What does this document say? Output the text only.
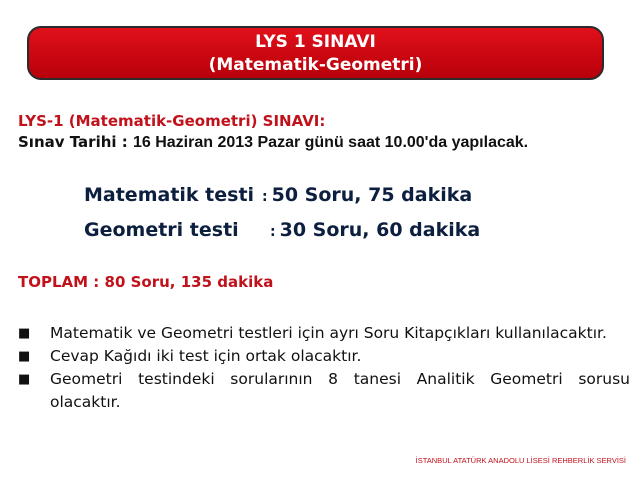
LYS 1 SINAVI
(Matematik-Geometri)
LYS-1 (Matematik-Geometri) SINAVI:
Sınav Tarihi : 16 Haziran 2013 Pazar günü saat 10.00'da yapılacak.
Matematik testi : 50 Soru, 75 dakika
Geometri testi : 30 Soru, 60 dakika
TOPLAM : 80 Soru, 135 dakika
■	Matematik ve Geometri testleri için ayrı Soru Kitapçıkları kullanılacaktır.
■	Cevap Kağıdı iki test için ortak olacaktır.
■	Geometri testindeki sorularının 8 tanesi Analitik Geometri sorusu olacaktır.
İSTANBUL ATATÜRK ANADOLU LİSESİ REHBERLİK SERVİSİ
